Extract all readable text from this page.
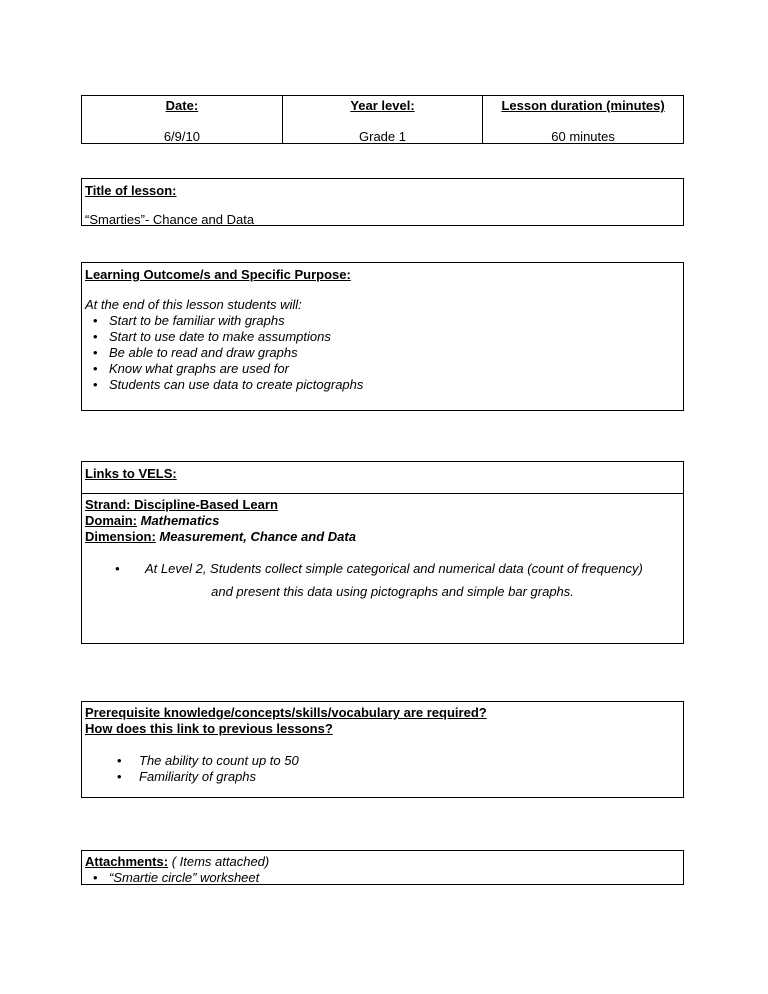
Date:
6/9/10

Year level:
Grade 1

Lesson duration (minutes)
60 minutes
Title of lesson:
“Smarties”- Chance and Data
Learning Outcome/s and Specific Purpose:
At the end of this lesson students will:
• Start to be familiar with graphs
• Start to use date to make assumptions
• Be able to read and draw graphs
• Know what graphs are used for
• Students can use data to create pictographs
Links to VELS:
Strand: Discipline-Based Learn
Domain: Mathematics
Dimension: Measurement, Chance and Data
• At Level 2, Students collect simple categorical and numerical data (count of frequency)
and present this data using pictographs and simple bar graphs.
Prerequisite knowledge/concepts/skills/vocabulary are required?
How does this link to previous lessons?
• The ability to count up to 50
• Familiarity of graphs
Attachments: ( Items attached)
• “Smartie circle” worksheet
